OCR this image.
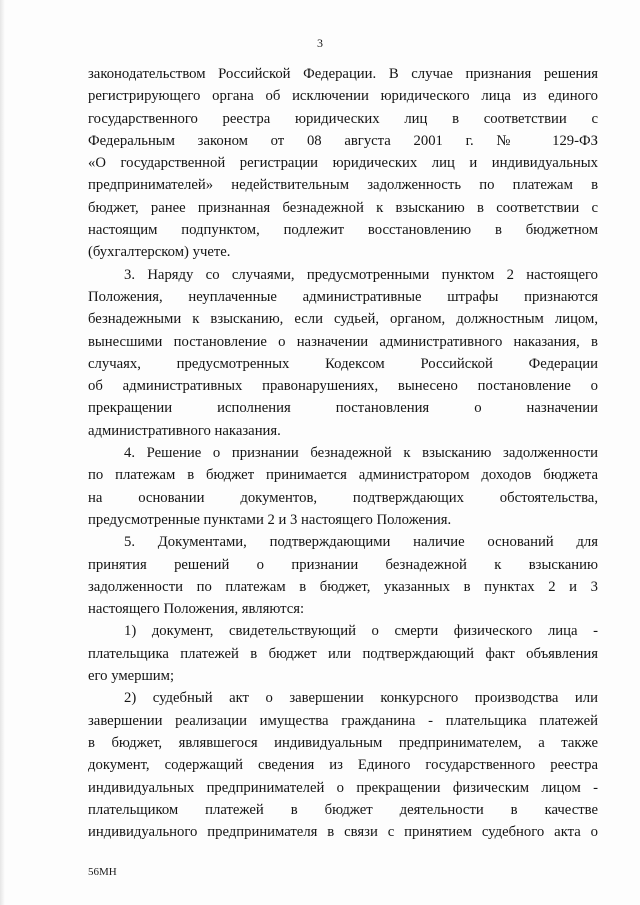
3
законодательством Российской Федерации. В случае признания решения
регистрирующего органа об исключении юридического лица из единого
государственного реестра юридических лиц в соответствии с
Федеральным законом от 08 августа 2001 г. № 129-ФЗ
«О государственной регистрации юридических лиц и индивидуальных
предпринимателей» недействительным задолженность по платежам в
бюджет, ранее признанная безнадежной к взысканию в соответствии с
настоящим подпунктом, подлежит восстановлению в бюджетном
(бухгалтерском) учете.
3. Наряду со случаями, предусмотренными пунктом 2 настоящего
Положения, неуплаченные административные штрафы признаются
безнадежными к взысканию, если судьей, органом, должностным лицом,
вынесшими постановление о назначении административного наказания, в
случаях, предусмотренных Кодексом Российской Федерации
об административных правонарушениях, вынесено постановление о
прекращении исполнения постановления о назначении
административного наказания.
4. Решение о признании безнадежной к взысканию задолженности
по платежам в бюджет принимается администратором доходов бюджета
на основании документов, подтверждающих обстоятельства,
предусмотренные пунктами 2 и 3 настоящего Положения.
5. Документами, подтверждающими наличие оснований для
принятия решений о признании безнадежной к взысканию
задолженности по платежам в бюджет, указанных в пунктах 2 и 3
настоящего Положения, являются:
1) документ, свидетельствующий о смерти физического лица -
плательщика платежей в бюджет или подтверждающий факт объявления
его умершим;
2) судебный акт о завершении конкурсного производства или
завершении реализации имущества гражданина - плательщика платежей
в бюджет, являвшегося индивидуальным предпринимателем, а также
документ, содержащий сведения из Единого государственного реестра
индивидуальных предпринимателей о прекращении физическим лицом -
плательщиком платежей в бюджет деятельности в качестве
индивидуального предпринимателя в связи с принятием судебного акта о
56МН
